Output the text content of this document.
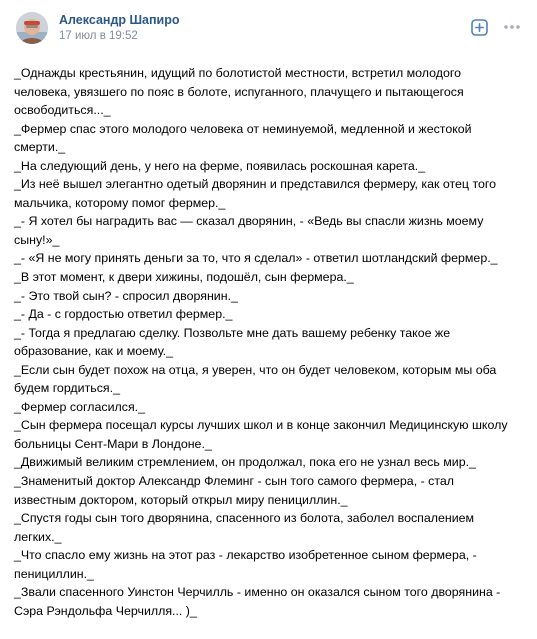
Александр Шапиро
17 июл в 19:52
_Однажды крестьянин, идущий по болотистой местности, встретил молодого
человека, увязшего по пояс в болоте, испуганного, плачущего и пытающегося
освободиться..._
_Фермер спас этого молодого человека от неминуемой, медленной и жестокой
смерти._
_На следующий день, у него на ферме, появилась роскошная карета._
_Из неё вышел элегантно одетый дворянин и представился фермеру, как отец того
мальчика, которому помог фермер._
_- Я хотел бы наградить вас — сказал дворянин, - «Ведь вы спасли жизнь моему
сыну!»_
_- «Я не могу принять деньги за то, что я сделал» - ответил шотландский фермер._
_В этот момент, к двери хижины, подошёл, сын фермера._
_- Это твой сын? - спросил дворянин._
_- Да - с гордостью ответил фермер._
_- Тогда я предлагаю сделку. Позвольте мне дать вашему ребенку такое же
образование, как и моему._
_Если сын будет похож на отца, я уверен, что он будет человеком, которым мы оба
будем гордиться._
_Фермер согласился._
_Сын фермера посещал курсы лучших школ и в конце закончил Медицинскую школу
больницы Сент-Мари в Лондоне._
_Движимый великим стремлением, он продолжал, пока его не узнал весь мир._
_Знаменитый доктор Александр Флеминг - сын того самого фермера, - стал
известным доктором, который открыл миру пенициллин._
_Спустя годы сын того дворянина, спасенного из болота, заболел воспалением
легких._
_Что спасло ему жизнь на этот раз - лекарство изобретенное сыном фермера, -
пенициллин._
_Звали спасенного Уинстон Черчилль - именно он оказался сыном того дворянина -
Сэра Рэндольфа Черчилля... )_
